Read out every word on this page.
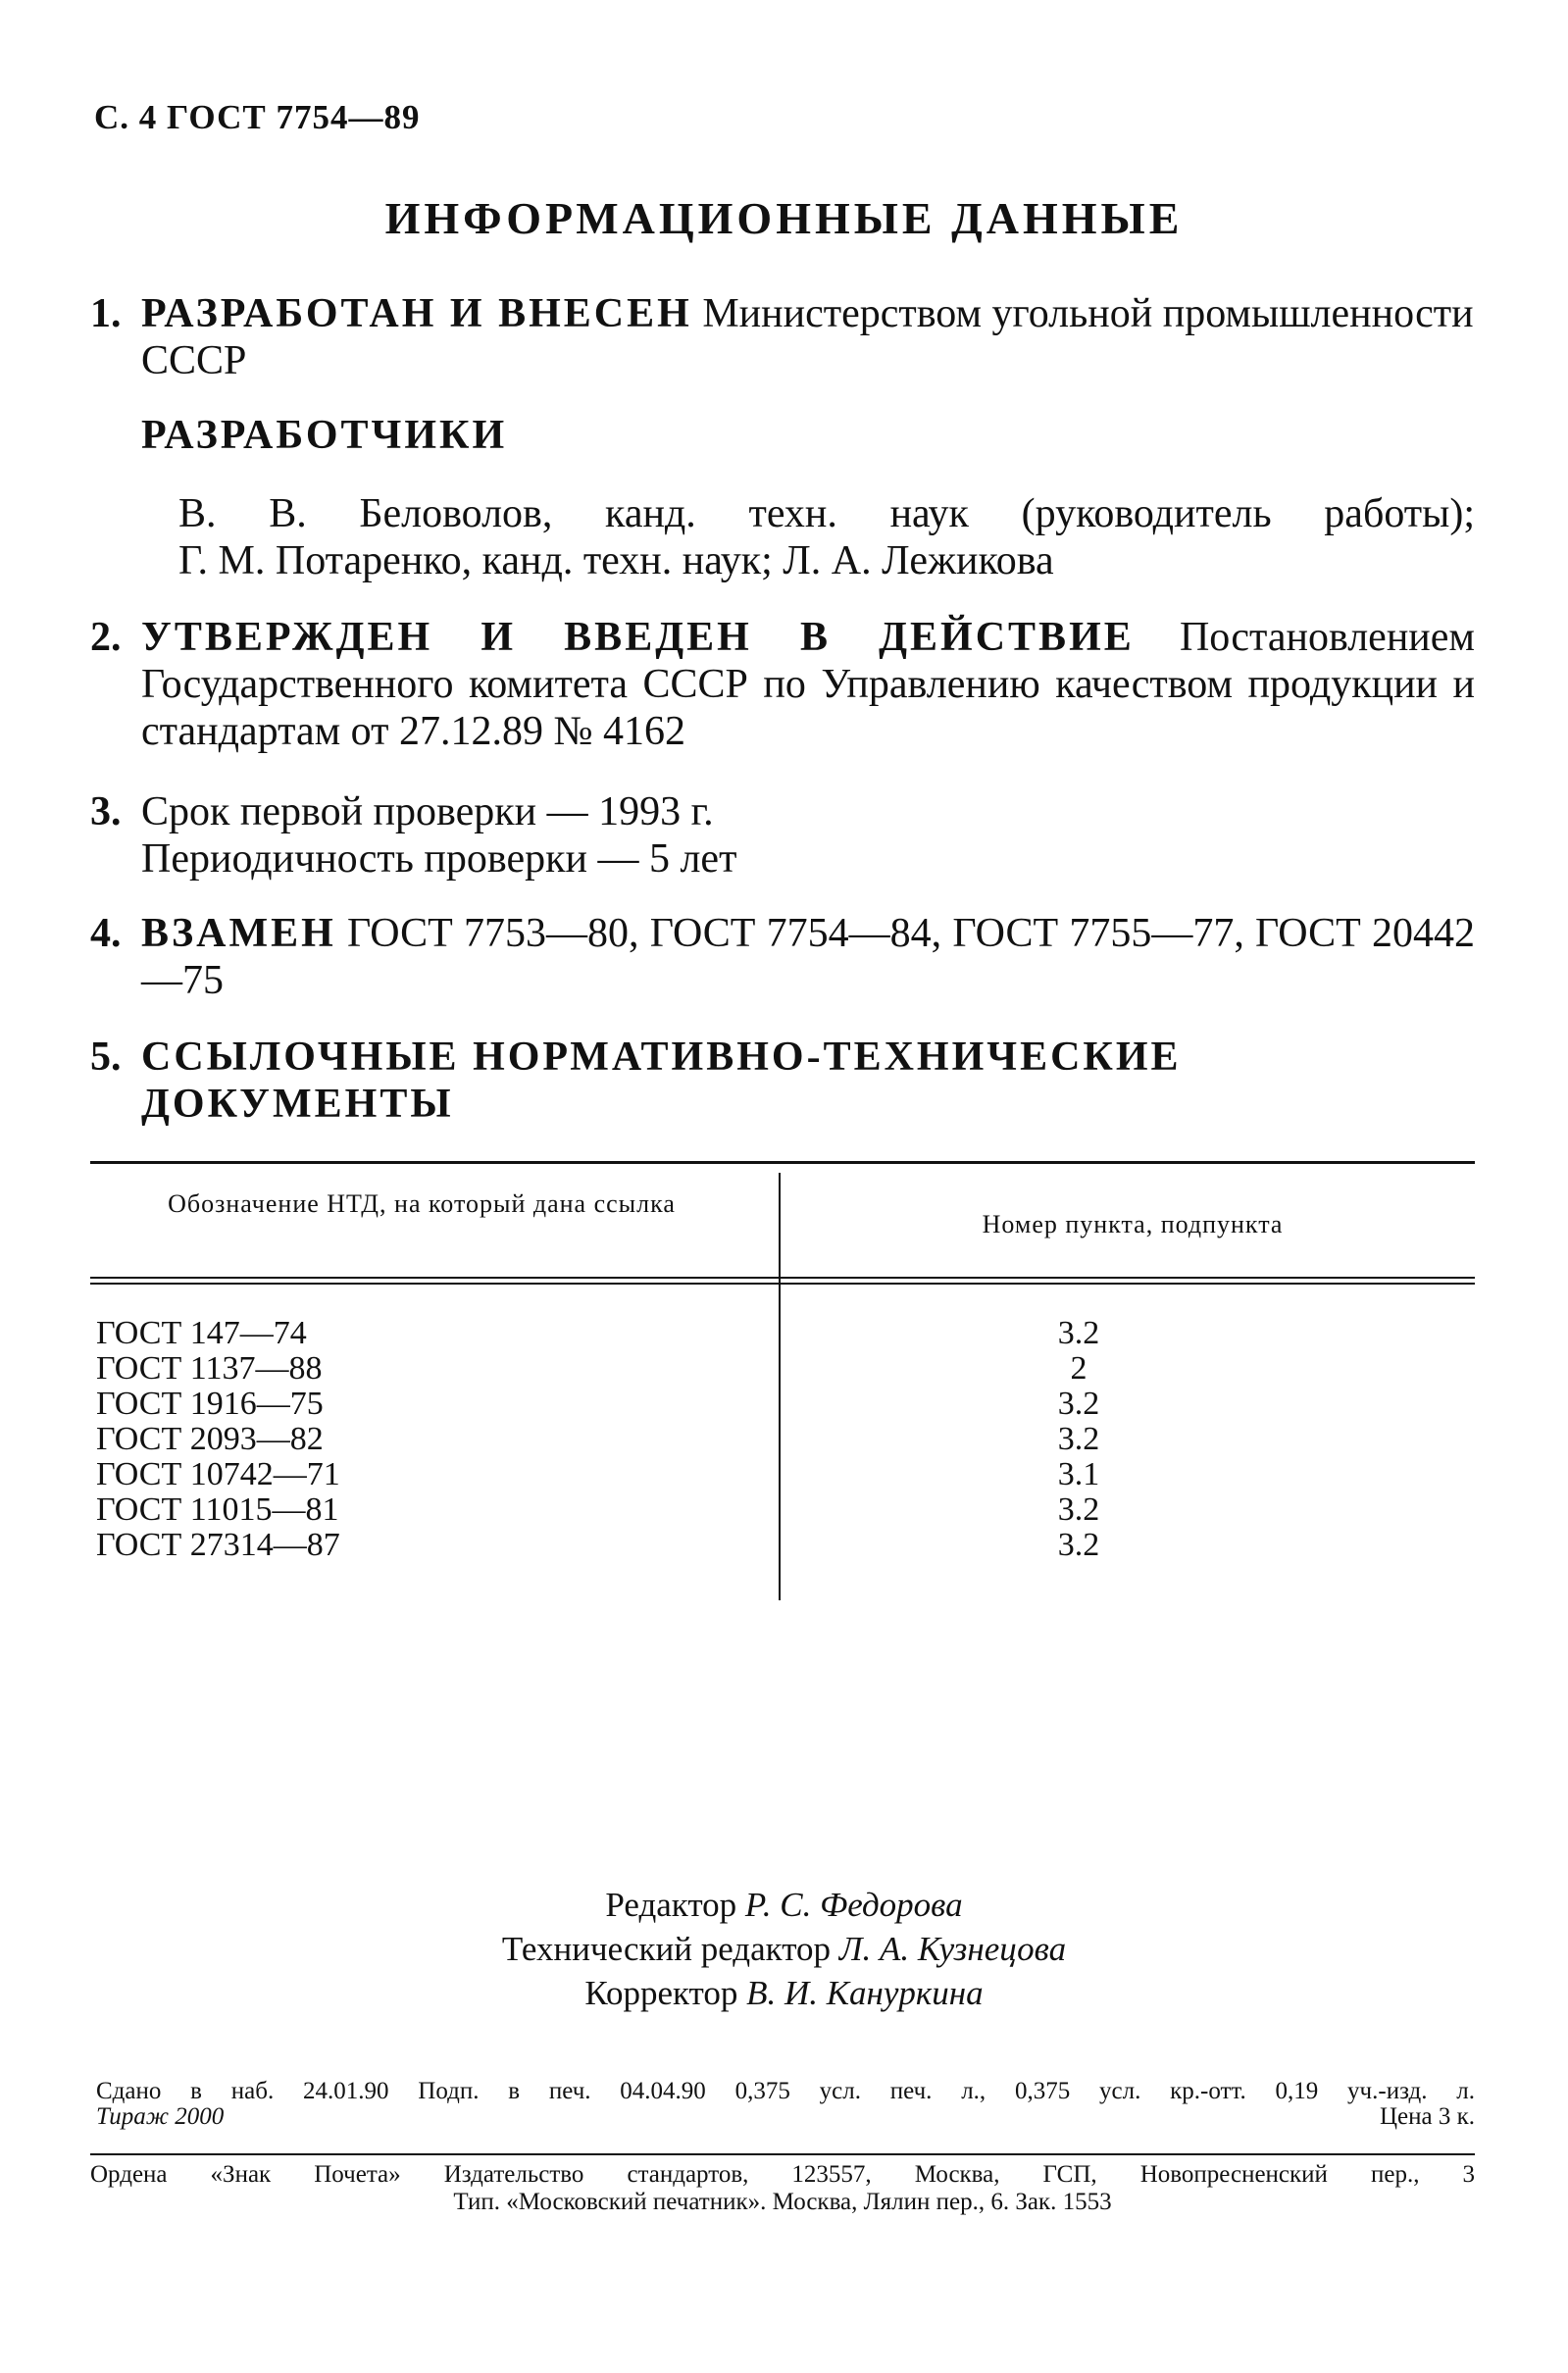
С. 4 ГОСТ 7754—89
ИНФОРМАЦИОННЫЕ ДАННЫЕ
1. РАЗРАБОТАН И ВНЕСЕН Министерством угольной промышленности СССР
РАЗРАБОТЧИКИ
В. В. Беловолов, канд. техн. наук (руководитель работы);
Г. М. Потаренко, канд. техн. наук; Л. А. Лежикова
2. УТВЕРЖДЕН И ВВЕДЕН В ДЕЙСТВИЕ Постановлением Государственного комитета СССР по Управлению качеством продукции и стандартам от 27.12.89 № 4162
3. Срок первой проверки — 1993 г.
Периодичность проверки — 5 лет
4. ВЗАМЕН ГОСТ 7753—80, ГОСТ 7754—84, ГОСТ 7755—77, ГОСТ 20442—75
5. ССЫЛОЧНЫЕ НОРМАТИВНО-ТЕХНИЧЕСКИЕ ДОКУМЕНТЫ
Обозначение НТД, на который дана ссылка
Номер пункта, подпункта
ГОСТ 147—74
ГОСТ 1137—88
ГОСТ 1916—75
ГОСТ 2093—82
ГОСТ 10742—71
ГОСТ 11015—81
ГОСТ 27314—87
3.2
2
3.2
3.2
3.1
3.2
3.2
Редактор Р. С. Федорова
Технический редактор Л. А. Кузнецова
Корректор В. И. Канyркина
Сдано в наб. 24.01.90 Подп. в печ. 04.04.90 0,375 усл. печ. л., 0,375 усл. кр.-отт. 0,19 уч.-изд. л.
Тираж 2000	Цена 3 к.
Ордена «Знак Почета» Издательство стандартов, 123557, Москва, ГСП, Новопресненский пер., 3
Тип. «Московский печатник». Москва, Лялин пер., 6. Зак. 1553
